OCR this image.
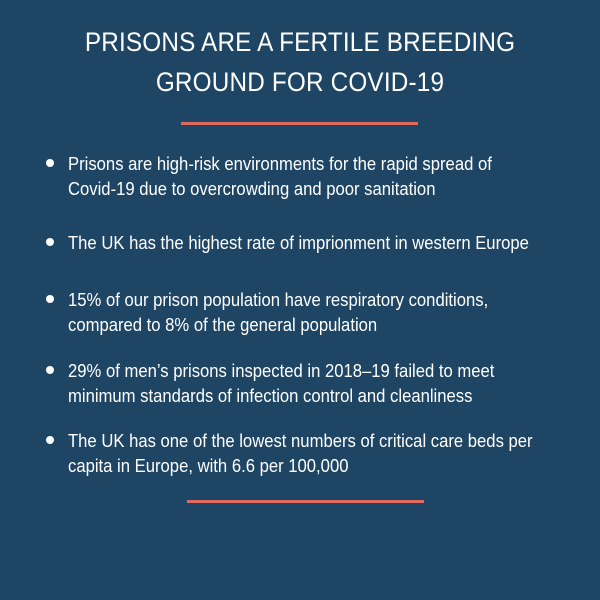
PRISONS ARE A FERTILE BREEDING
GROUND FOR COVID-19
Prisons are high-risk environments for the rapid spread of
Covid-19 due to overcrowding and poor sanitation
The UK has the highest rate of imprionment in western Europe
15% of our prison population have respiratory conditions,
compared to 8% of the general population
29% of men’s prisons inspected in 2018–19 failed to meet
minimum standards of infection control and cleanliness
The UK has one of the lowest numbers of critical care beds per
capita in Europe, with 6.6 per 100,000
